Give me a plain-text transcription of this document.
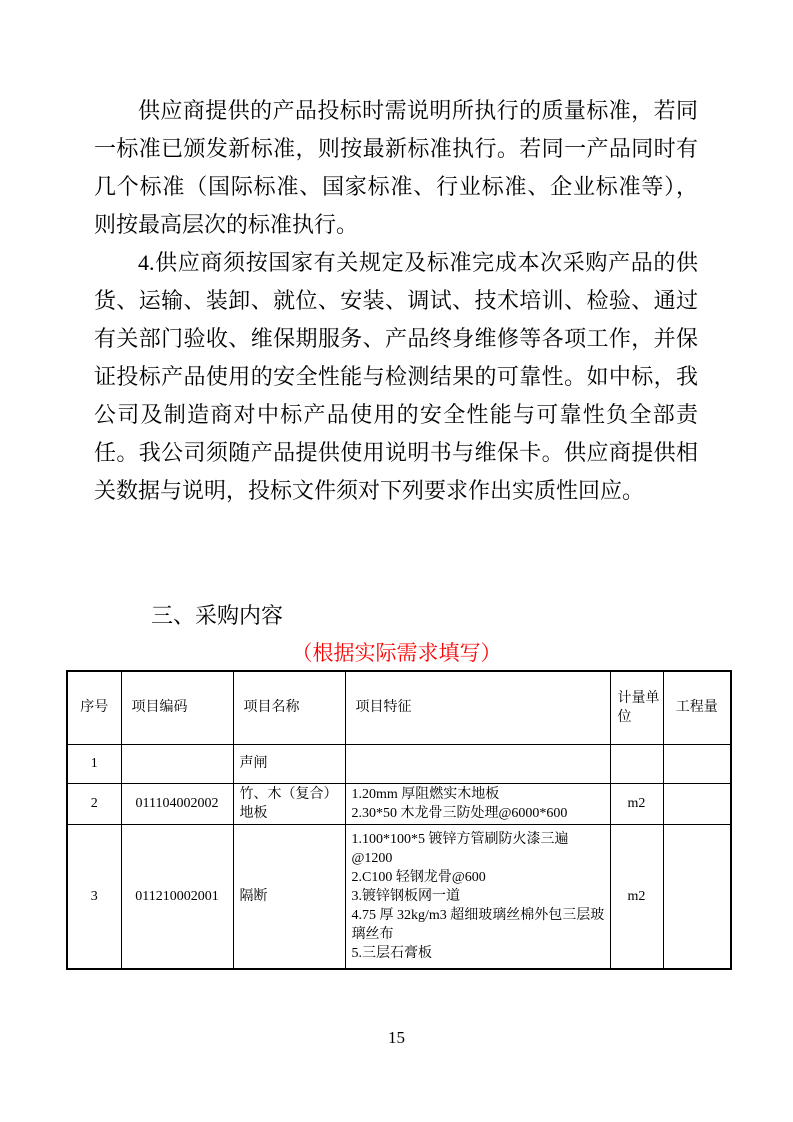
供应商提供的产品投标时需说明所执行的质量标准，若同一标准已颁发新标准，则按最新标准执行。若同一产品同时有几个标准（国际标准、国家标准、行业标准、企业标准等），则按最高层次的标准执行。

4.供应商须按国家有关规定及标准完成本次采购产品的供货、运输、装卸、就位、安装、调试、技术培训、检验、通过有关部门验收、维保期服务、产品终身维修等各项工作，并保证投标产品使用的安全性能与检测结果的可靠性。如中标，我公司及制造商对中标产品使用的安全性能与可靠性负全部责任。我公司须随产品提供使用说明书与维保卡。供应商提供相关数据与说明，投标文件须对下列要求作出实质性回应。

三、采购内容
（根据实际需求填写）
序号	项目编码	项目名称	项目特征	计量单位	工程量
1		声闸			
2	011104002002	竹、木（复合）地板	1.20mm 厚阻燃实木地板
2.30*50 木龙骨三防处理@6000*600	m2	
3	011210002001	隔断	1.100*100*5 镀锌方管刷防火漆三遍@1200
2.C100 轻钢龙骨@600
3.镀锌钢板网一道
4.75 厚 32kg/m3 超细玻璃丝棉外包三层玻璃丝布
5.三层石膏板	m2	
15
